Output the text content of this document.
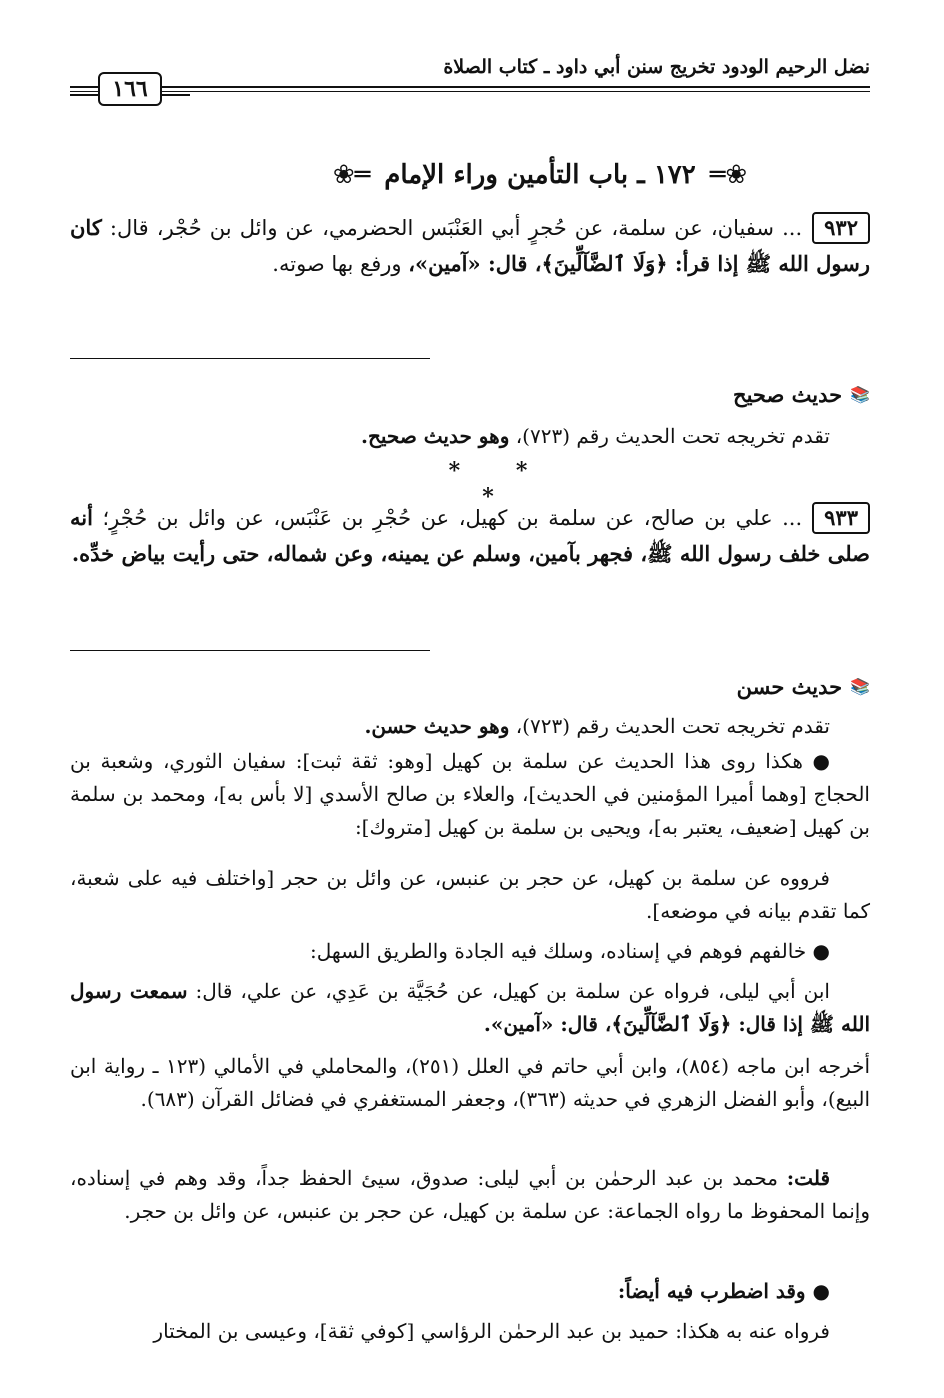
نضل الرحيم الودود تخريج سنن أبي داود ـ كتاب الصلاة
١٦٦
❀═
١٧٢ ـ باب التأمين وراء الإمام
═❀
٩٣٢... سفيان، عن سلمة، عن حُجرٍ أبي العَنْبَس الحضرمي، عن وائل بن حُجْر، قال: كان رسول الله ﷺ إذا قرأ: ﴿وَلَا ٱلضَّآلِّينَ﴾، قال: «آمين»، ورفع بها صوته.
📚
حديث صحيح
تقدم تخريجه تحت الحديث رقم (٧٢٣)، وهو حديث صحيح.
* * *
٩٣٣... علي بن صالح، عن سلمة بن كهيل، عن حُجْرِ بن عَنْبَس، عن وائل بن حُجْرٍ؛ أنه صلى خلف رسول الله ﷺ، فجهر بآمين، وسلم عن يمينه، وعن شماله، حتى رأيت بياض خدِّه.
📚
حديث حسن
تقدم تخريجه تحت الحديث رقم (٧٢٣)، وهو حديث حسن.
● هكذا روى هذا الحديث عن سلمة بن كهيل [وهو: ثقة ثبت]: سفيان الثوري، وشعبة بن الحجاج [وهما أميرا المؤمنين في الحديث]، والعلاء بن صالح الأسدي [لا بأس به]، ومحمد بن سلمة بن كهيل [ضعيف، يعتبر به]، ويحيى بن سلمة بن كهيل [متروك]:
فرووه عن سلمة بن كهيل، عن حجر بن عنبس، عن وائل بن حجر [واختلف فيه على شعبة، كما تقدم بيانه في موضعه].
● خالفهم فوهم في إسناده، وسلك فيه الجادة والطريق السهل:
ابن أبي ليلى، فرواه عن سلمة بن كهيل، عن حُجَيَّة بن عَدِي، عن علي، قال: سمعت رسول الله ﷺ إذا قال: ﴿وَلَا ٱلضَّآلِّينَ﴾، قال: «آمين».
أخرجه ابن ماجه (٨٥٤)، وابن أبي حاتم في العلل (٢٥١)، والمحاملي في الأمالي (١٢٣ ـ رواية ابن البيع)، وأبو الفضل الزهري في حديثه (٣٦٣)، وجعفر المستغفري في فضائل القرآن (٦٨٣).
قلت: محمد بن عبد الرحمٰن بن أبي ليلى: صدوق، سيئ الحفظ جداً، وقد وهم في إسناده، وإنما المحفوظ ما رواه الجماعة: عن سلمة بن كهيل، عن حجر بن عنبس، عن وائل بن حجر.
● وقد اضطرب فيه أيضاً:
فرواه عنه به هكذا: حميد بن عبد الرحمٰن الرؤاسي [كوفي ثقة]، وعيسى بن المختار
